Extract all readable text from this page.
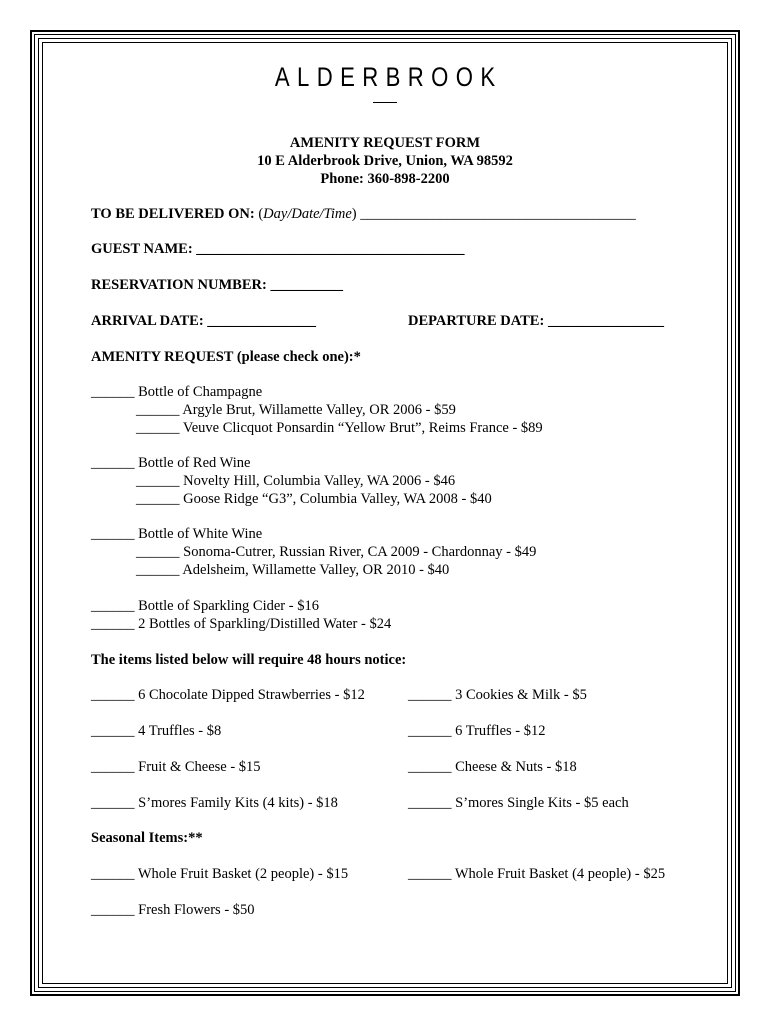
ALDERBROOK
AMENITY REQUEST FORM
10 E Alderbrook Drive, Union, WA 98592
Phone: 360-898-2200
TO BE DELIVERED ON: (Day/Date/Time) ______________________________________
GUEST NAME: _____________________________________
RESERVATION NUMBER: __________
ARRIVAL DATE: _______________	DEPARTURE DATE: ________________
AMENITY REQUEST (please check one):*
______ Bottle of Champagne
______ Argyle Brut, Willamette Valley, OR 2006 - $59
______ Veuve Clicquot Ponsardin “Yellow Brut”, Reims France - $89
______ Bottle of Red Wine
______ Novelty Hill, Columbia Valley, WA 2006 - $46
______ Goose Ridge “G3”, Columbia Valley, WA 2008 - $40
______ Bottle of White Wine
______ Sonoma-Cutrer, Russian River, CA 2009 - Chardonnay - $49
______ Adelsheim, Willamette Valley, OR 2010 - $40
______ Bottle of Sparkling Cider - $16
______ 2 Bottles of Sparkling/Distilled Water - $24
The items listed below will require 48 hours notice:
______ 6 Chocolate Dipped Strawberries - $12
______ 4 Truffles - $8
______ Fruit & Cheese - $15
______ S’mores Family Kits (4 kits) - $18
______ 3 Cookies & Milk - $5
______ 6 Truffles - $12
______ Cheese & Nuts - $18
______ S’mores Single Kits - $5 each
Seasonal Items:**
______ Whole Fruit Basket (2 people) - $15	______ Whole Fruit Basket (4 people) - $25
______ Fresh Flowers - $50
